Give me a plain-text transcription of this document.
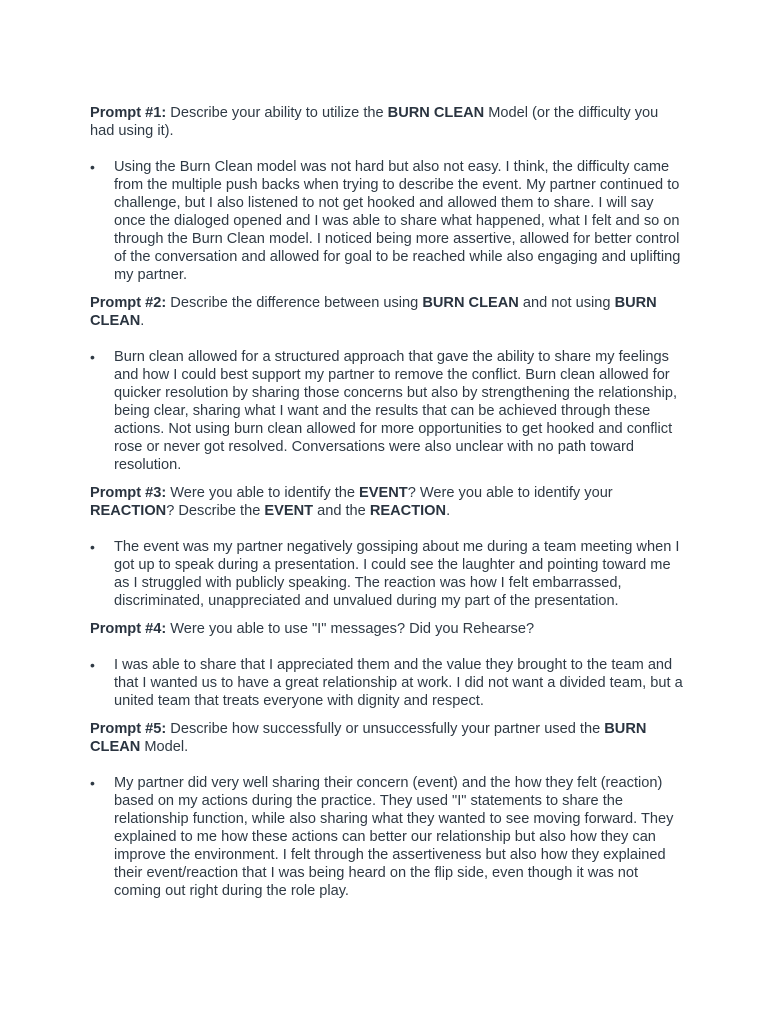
Prompt #1: Describe your ability to utilize the BURN CLEAN Model (or the difficulty you had using it).

• Using the Burn Clean model was not hard but also not easy. I think, the difficulty came from the multiple push backs when trying to describe the event. My partner continued to challenge, but I also listened to not get hooked and allowed them to share. I will say once the dialoged opened and I was able to share what happened, what I felt and so on through the Burn Clean model. I noticed being more assertive, allowed for better control of the conversation and allowed for goal to be reached while also engaging and uplifting my partner.

Prompt #2: Describe the difference between using BURN CLEAN and not using BURN CLEAN.

• Burn clean allowed for a structured approach that gave the ability to share my feelings and how I could best support my partner to remove the conflict. Burn clean allowed for quicker resolution by sharing those concerns but also by strengthening the relationship, being clear, sharing what I want and the results that can be achieved through these actions. Not using burn clean allowed for more opportunities to get hooked and conflict rose or never got resolved. Conversations were also unclear with no path toward resolution.

Prompt #3: Were you able to identify the EVENT? Were you able to identify your REACTION? Describe the EVENT and the REACTION.

• The event was my partner negatively gossiping about me during a team meeting when I got up to speak during a presentation. I could see the laughter and pointing toward me as I struggled with publicly speaking. The reaction was how I felt embarrassed, discriminated, unappreciated and unvalued during my part of the presentation.

Prompt #4: Were you able to use "I" messages? Did you Rehearse?

• I was able to share that I appreciated them and the value they brought to the team and that I wanted us to have a great relationship at work. I did not want a divided team, but a united team that treats everyone with dignity and respect.

Prompt #5: Describe how successfully or unsuccessfully your partner used the BURN CLEAN Model.

• My partner did very well sharing their concern (event) and the how they felt (reaction) based on my actions during the practice. They used "I" statements to share the relationship function, while also sharing what they wanted to see moving forward. They explained to me how these actions can better our relationship but also how they can improve the environment. I felt through the assertiveness but also how they explained their event/reaction that I was being heard on the flip side, even though it was not coming out right during the role play.
